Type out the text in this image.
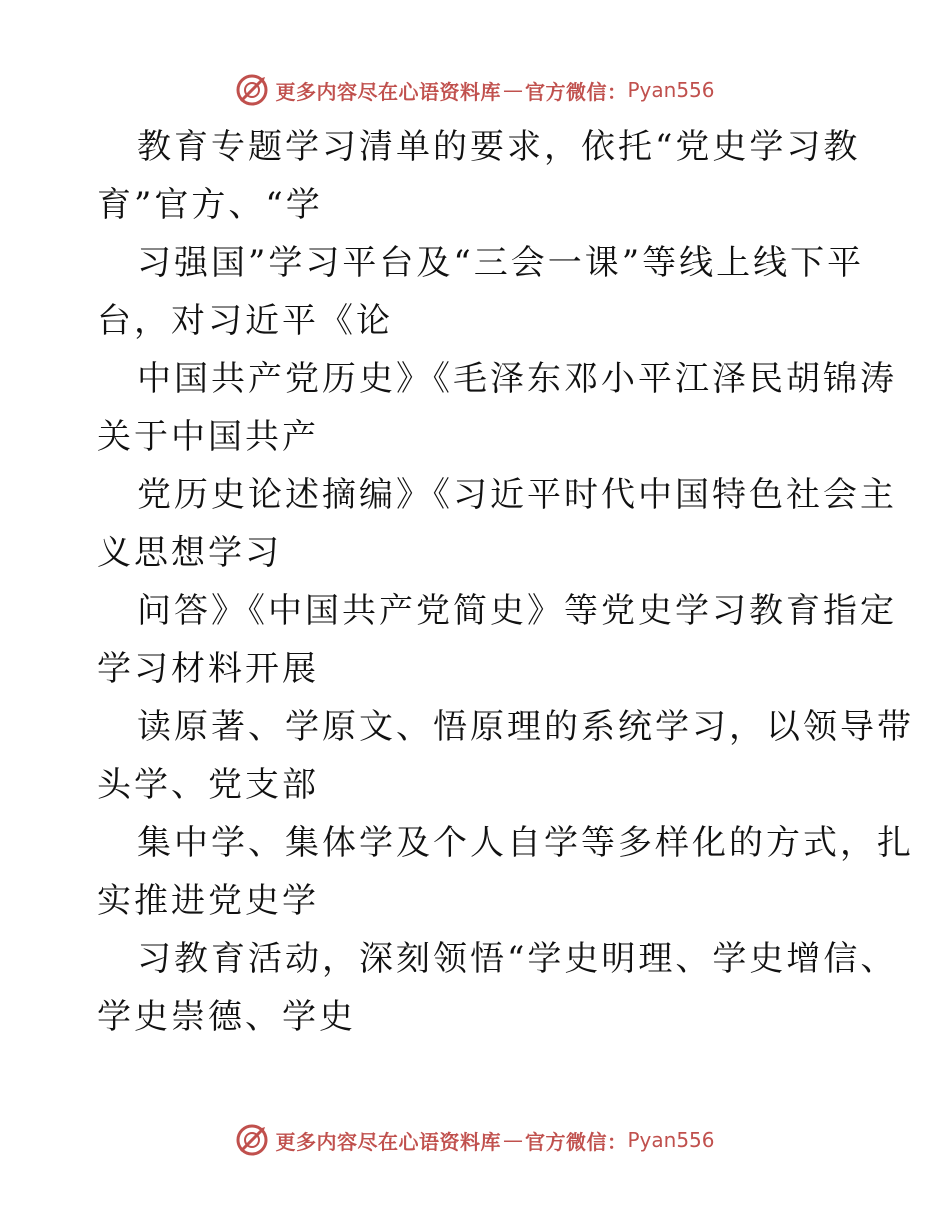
更多内容尽在心语资料库 — 官方微信： Pyan556

教育专题学习清单的要求，依托“党史学习教
育”官方、“学

习强国”学习平台及“三会一课”等线上线下平
台，对习近平《论

中国共产党历史》《毛泽东邓小平江泽民胡锦涛
关于中国共产

党历史论述摘编》《习近平时代中国特色社会主
义思想学习

问答》《中国共产党简史》等党史学习教育指定
学习材料开展

读原著、学原文、悟原理的系统学习，以领导带
头学、党支部

集中学、集体学及个人自学等多样化的方式，扎
实推进党史学

习教育活动，深刻领悟“学史明理、学史增信、
学史崇德、学史

更多内容尽在心语资料库 — 官方微信： Pyan556
